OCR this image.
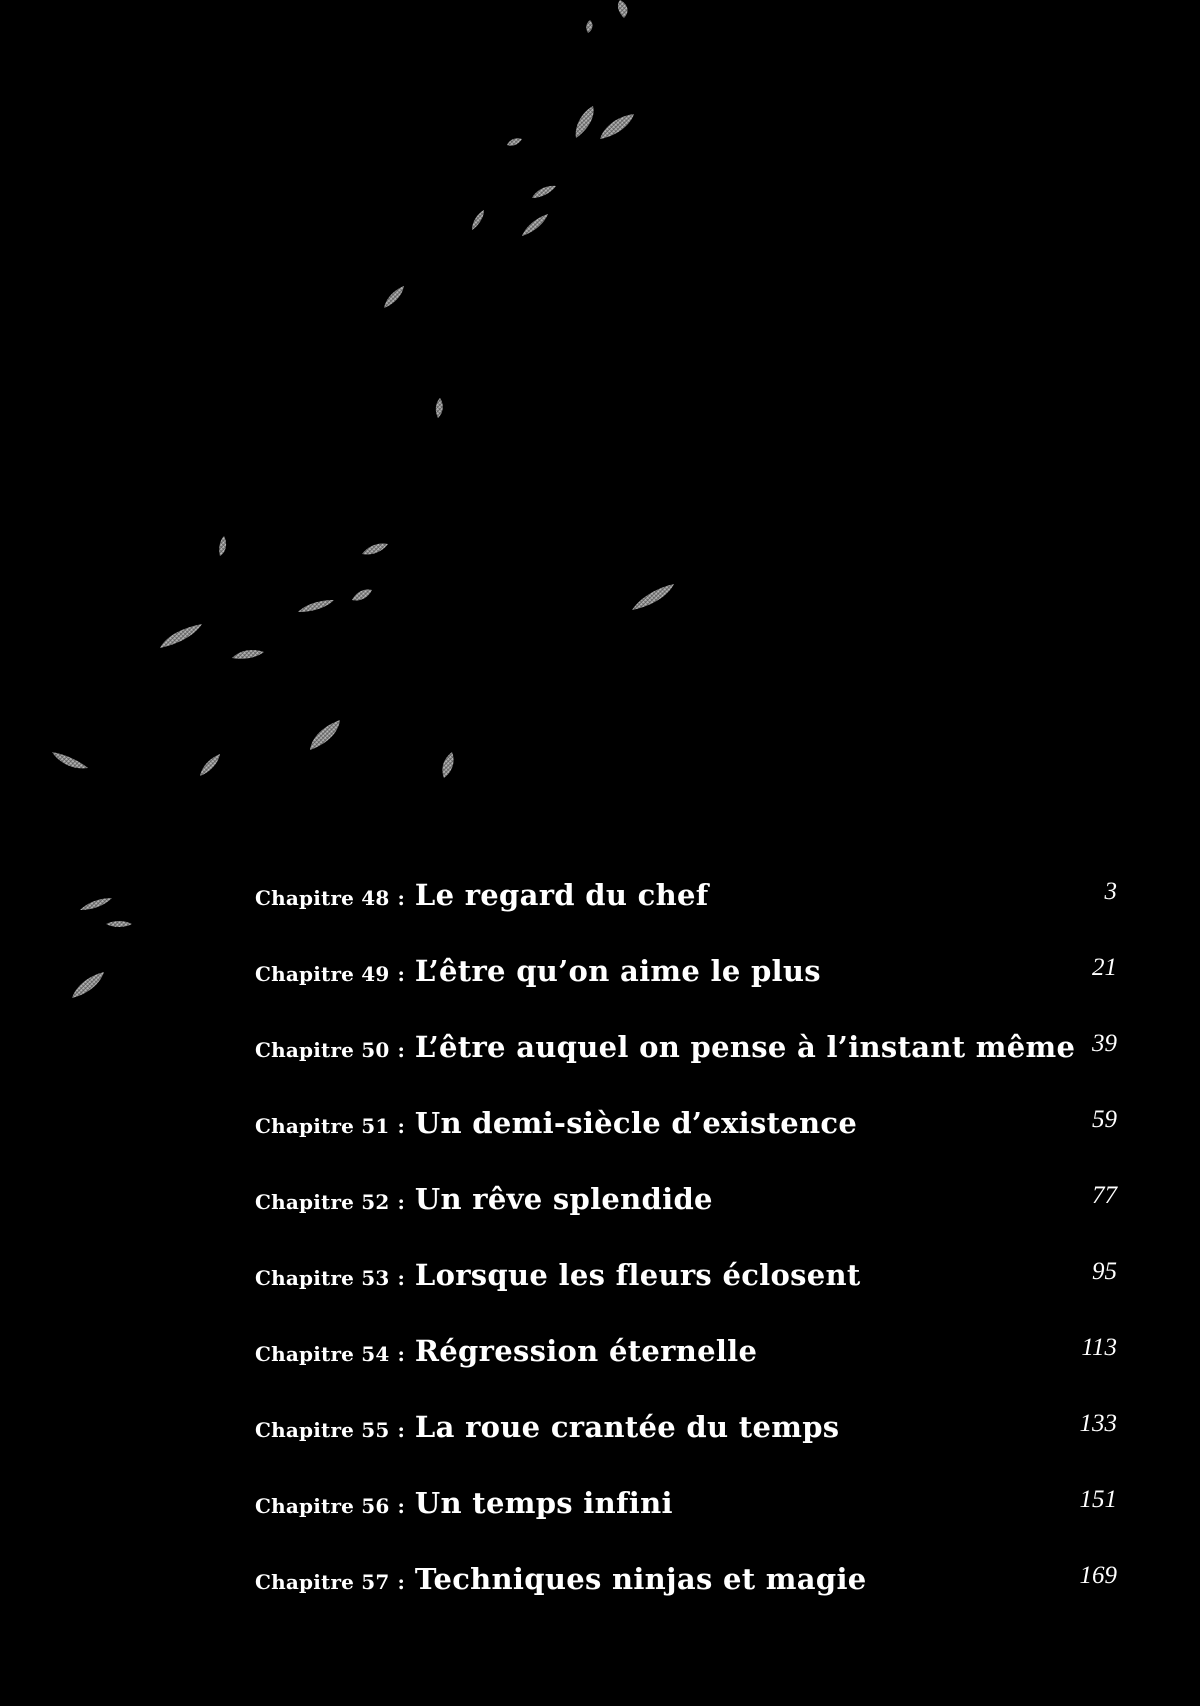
Chapitre 48 : Le regard du chef	3
Chapitre 49 : L’être qu’on aime le plus	21
Chapitre 50 : L’être auquel on pense à l’instant même 39
Chapitre 51 : Un demi-siècle d’existence	59
Chapitre 52 : Un rêve splendide	77
Chapitre 53 : Lorsque les fleurs éclosent	95
Chapitre 54 : Régression éternelle	113
Chapitre 55 : La roue crantée du temps	133
Chapitre 56 : Un temps infini	151
Chapitre 57 : Techniques ninjas et magie	169
